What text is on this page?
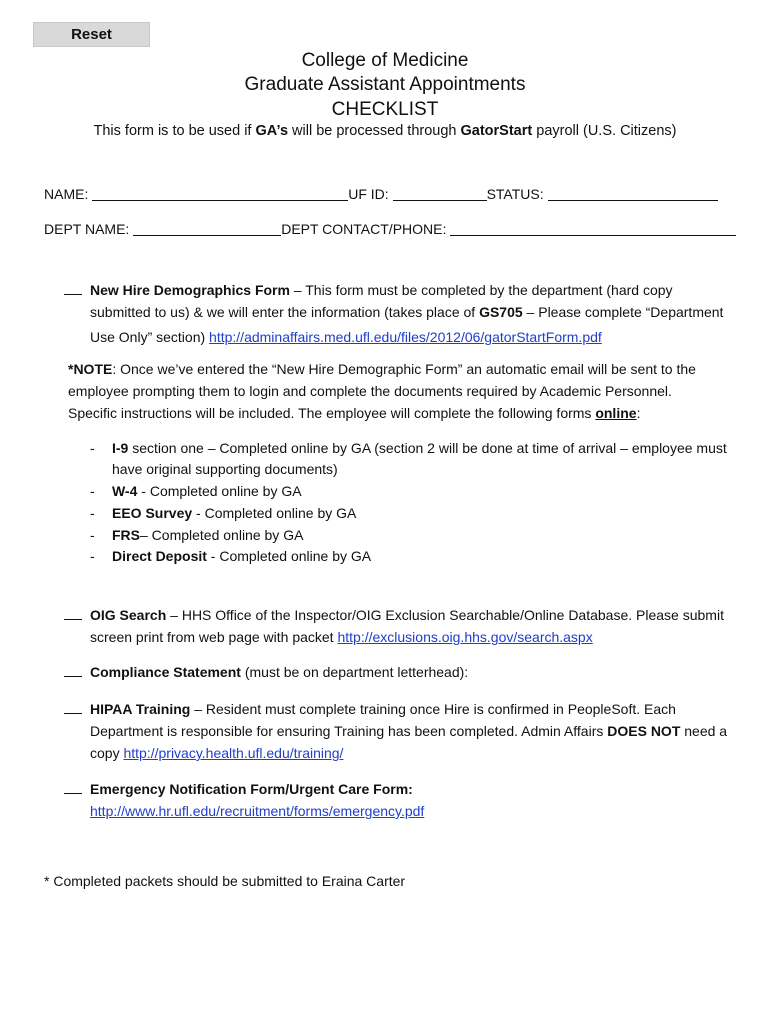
Reset
College of Medicine
Graduate Assistant Appointments
CHECKLIST
This form is to be used if GA’s will be processed through GatorStart payroll (U.S. Citizens)
NAME:	UF ID:	STATUS:
DEPT NAME:	DEPT CONTACT/PHONE:
New Hire Demographics Form – This form must be completed by the department (hard copy
submitted to us) & we will enter the information (takes place of GS705 – Please complete “Department
Use Only” section) http://adminaffairs.med.ufl.edu/files/2012/06/gatorStartForm.pdf
*NOTE: Once we’ve entered the “New Hire Demographic Form” an automatic email will be sent to the
employee prompting them to login and complete the documents required by Academic Personnel.
Specific instructions will be included. The employee will complete the following forms online:
- I-9 section one – Completed online by GA (section 2 will be done at time of arrival – employee must
have original supporting documents)
- W-4 - Completed online by GA
- EEO Survey - Completed online by GA
- FRS– Completed online by GA
- Direct Deposit - Completed online by GA
OIG Search – HHS Office of the Inspector/OIG Exclusion Searchable/Online Database. Please submit
screen print from web page with packet http://exclusions.oig.hhs.gov/search.aspx
Compliance Statement (must be on department letterhead):
HIPAA Training – Resident must complete training once Hire is confirmed in PeopleSoft. Each
Department is responsible for ensuring Training has been completed. Admin Affairs DOES NOT need a
copy http://privacy.health.ufl.edu/training/
Emergency Notification Form/Urgent Care Form:
http://www.hr.ufl.edu/recruitment/forms/emergency.pdf
* Completed packets should be submitted to Eraina Carter
